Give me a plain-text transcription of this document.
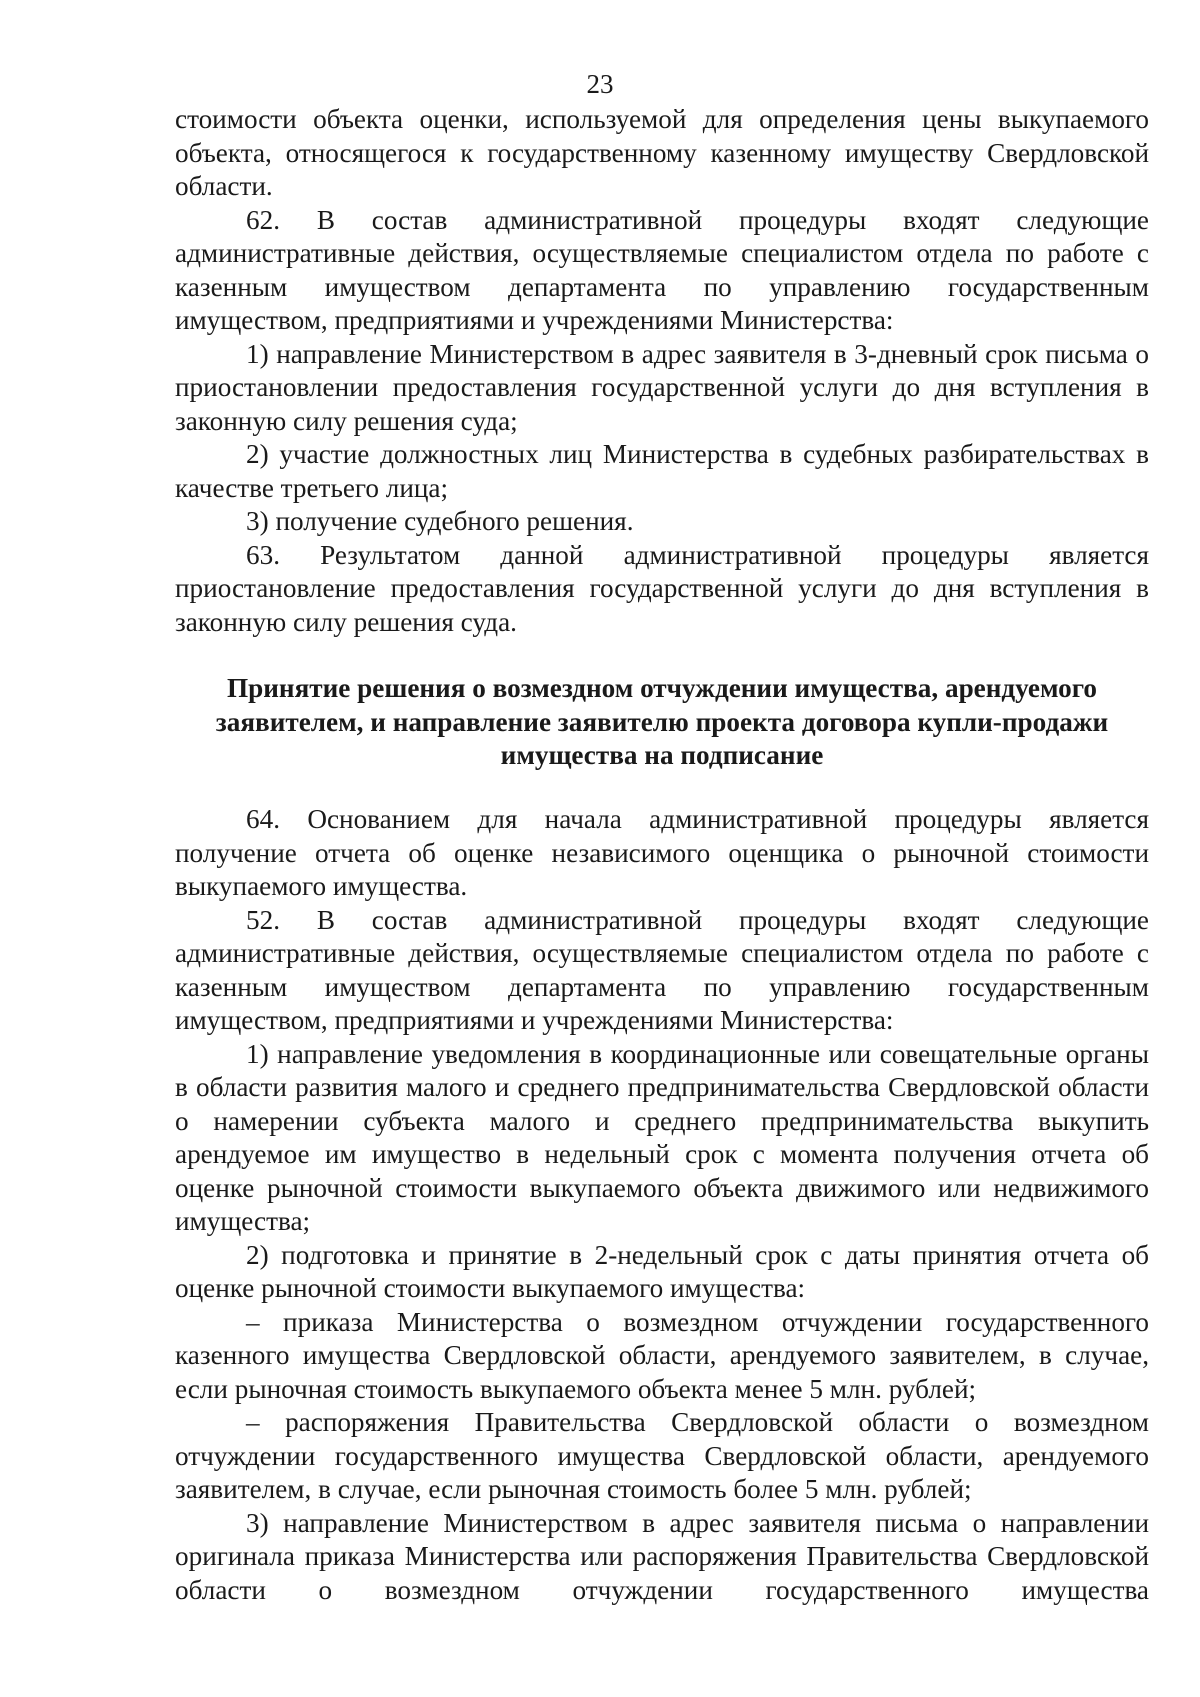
23

стоимости объекта оценки, используемой для определения цены выкупаемого объекта, относящегося к государственному казенному имуществу Свердловской области.

62. В состав административной процедуры входят следующие административные действия, осуществляемые специалистом отдела по работе с казенным имуществом департамента по управлению государственным имуществом, предприятиями и учреждениями Министерства:

1) направление Министерством в адрес заявителя в 3-дневный срок письма о приостановлении предоставления государственной услуги до дня вступления в законную силу решения суда;

2) участие должностных лиц Министерства в судебных разбирательствах в качестве третьего лица;

3) получение судебного решения.

63. Результатом данной административной процедуры является приостановление предоставления государственной услуги до дня вступления в законную силу решения суда.

Принятие решения о возмездном отчуждении имущества, арендуемого заявителем, и направление заявителю проекта договора купли-продажи имущества на подписание

64. Основанием для начала административной процедуры является получение отчета об оценке независимого оценщика о рыночной стоимости выкупаемого имущества.

52. В состав административной процедуры входят следующие административные действия, осуществляемые специалистом отдела по работе с казенным имуществом департамента по управлению государственным имуществом, предприятиями и учреждениями Министерства:

1) направление уведомления в координационные или совещательные органы в области развития малого и среднего предпринимательства Свердловской области о намерении субъекта малого и среднего предпринимательства выкупить арендуемое им имущество в недельный срок с момента получения отчета об оценке рыночной стоимости выкупаемого объекта движимого или недвижимого имущества;

2) подготовка и принятие в 2-недельный срок с даты принятия отчета об оценке рыночной стоимости выкупаемого имущества:

– приказа Министерства о возмездном отчуждении государственного казенного имущества Свердловской области, арендуемого заявителем, в случае, если рыночная стоимость выкупаемого объекта менее 5 млн. рублей;

– распоряжения Правительства Свердловской области о возмездном отчуждении государственного имущества Свердловской области, арендуемого заявителем, в случае, если рыночная стоимость более 5 млн. рублей;

3) направление Министерством в адрес заявителя письма о направлении оригинала приказа Министерства или распоряжения Правительства Свердловской области о возмездном отчуждении государственного имущества
